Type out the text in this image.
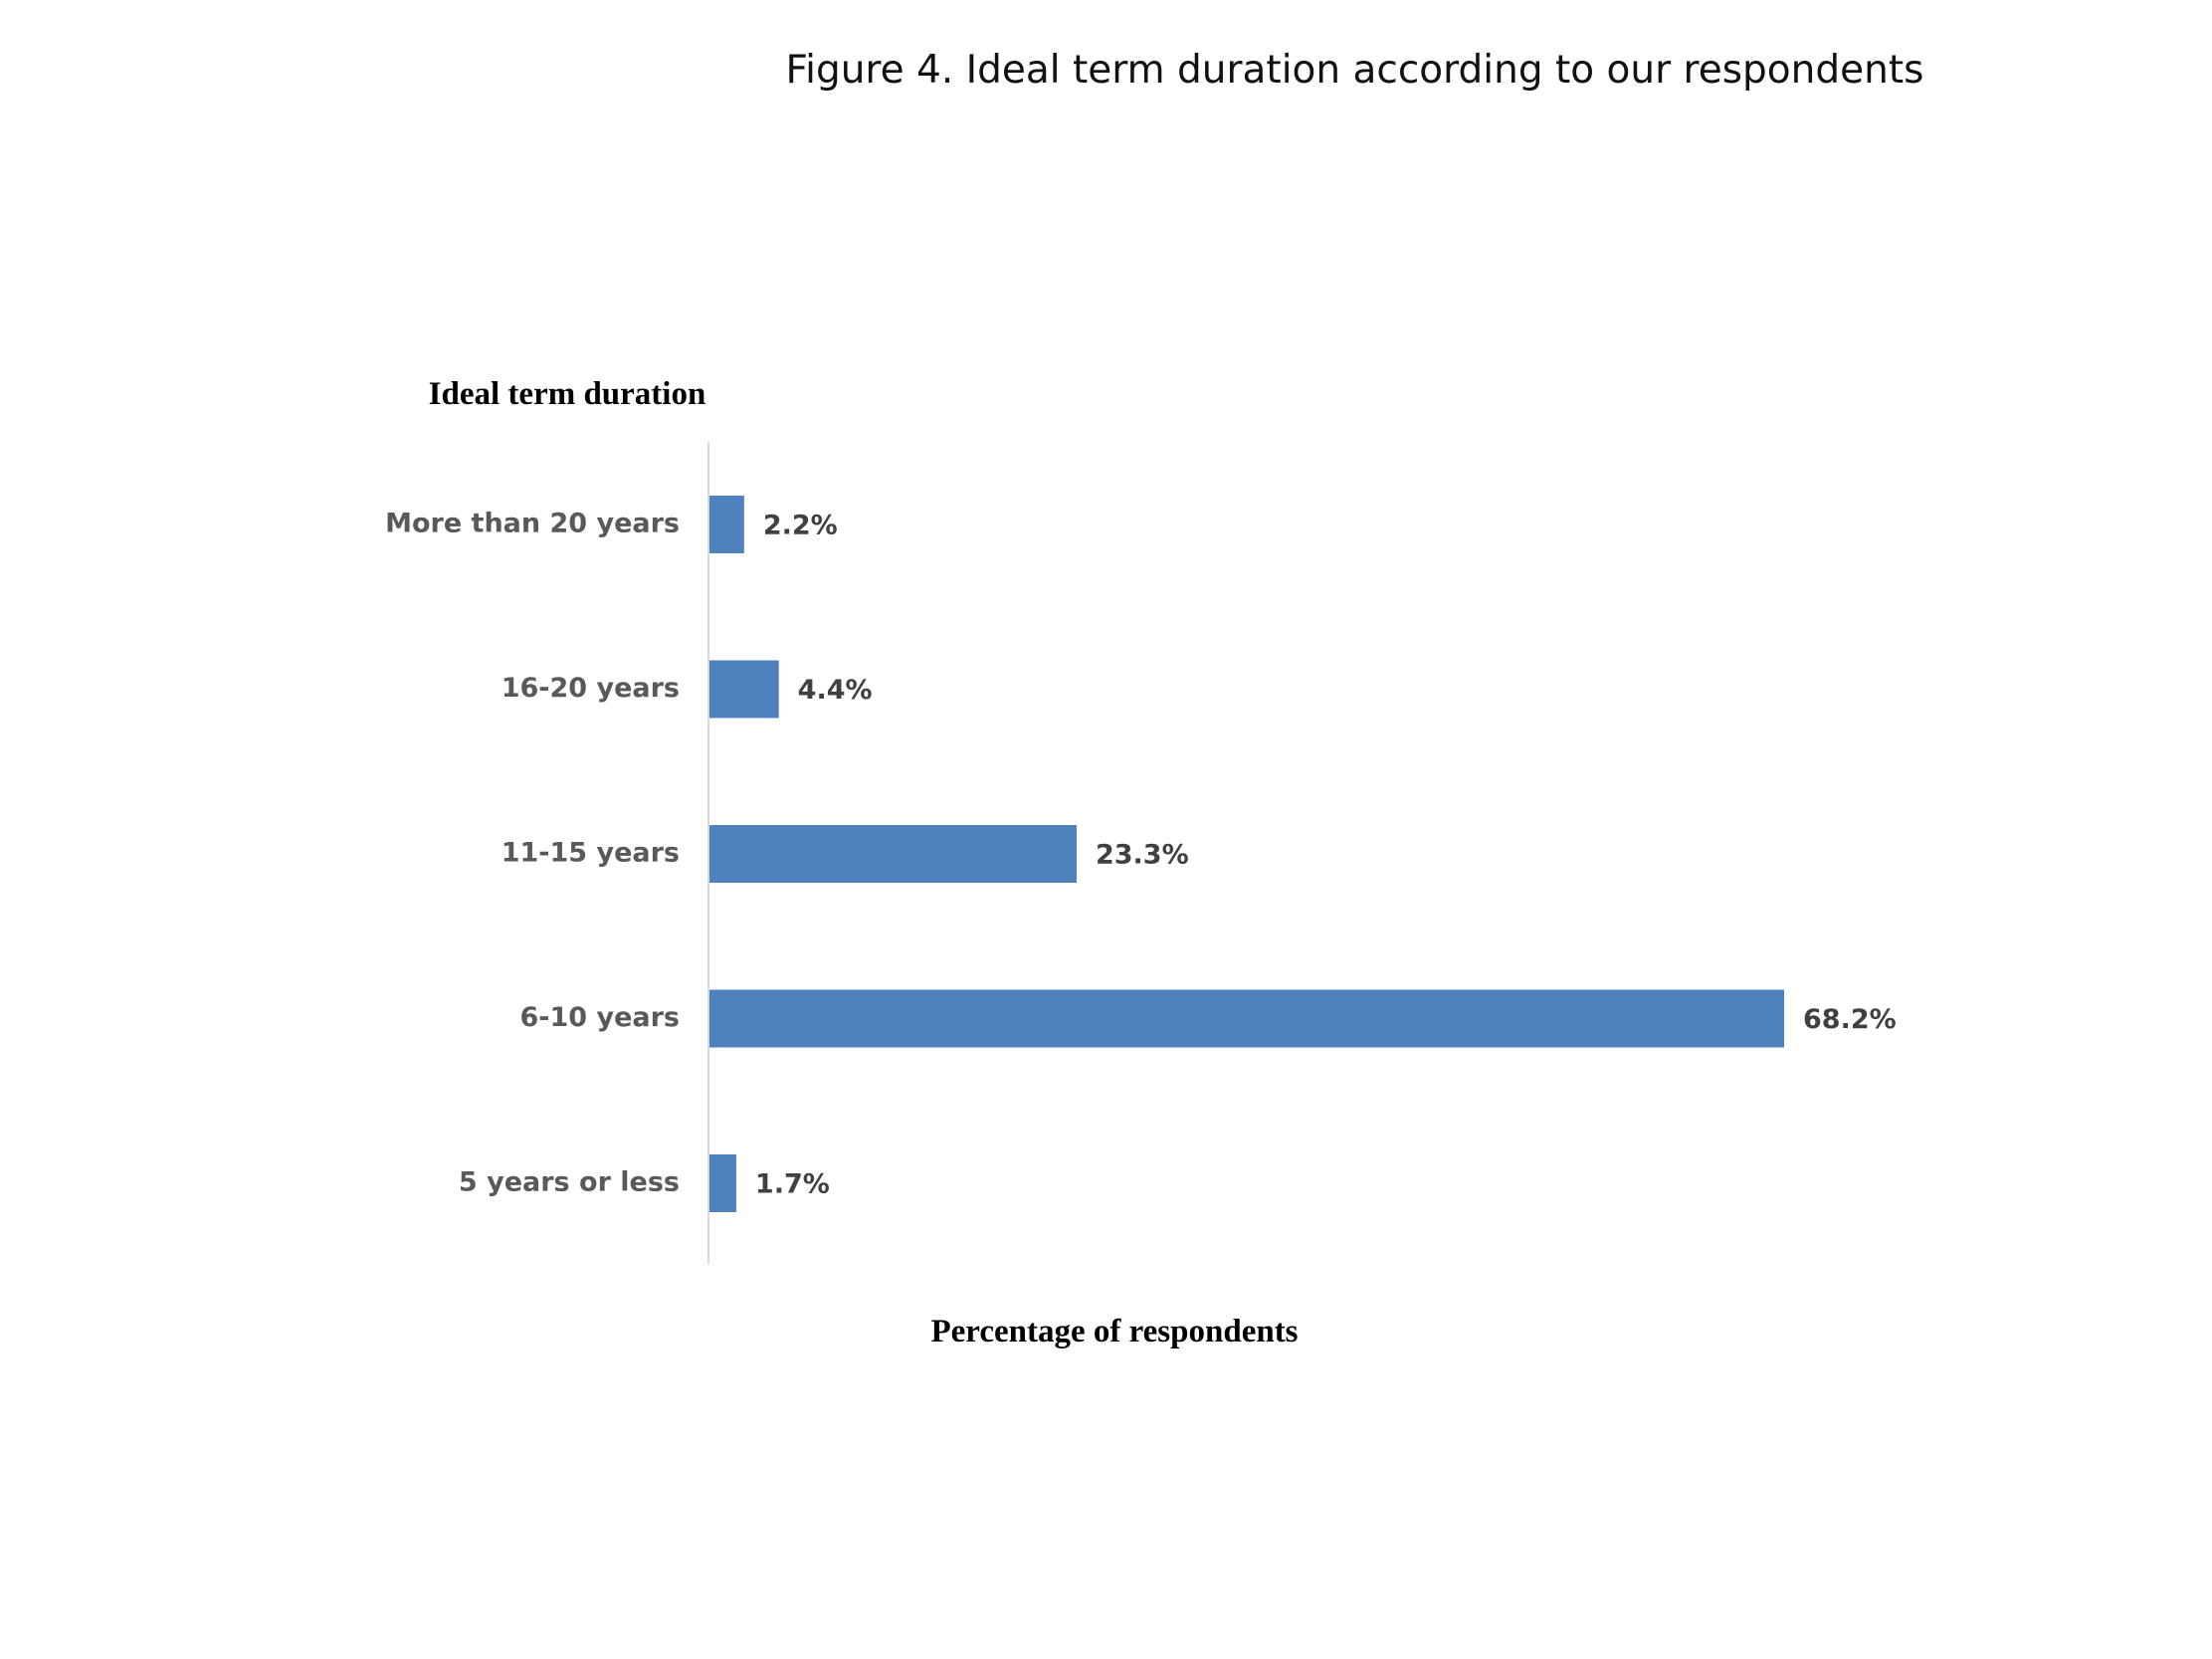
Figure 4. Ideal term duration according to our respondents
Ideal term duration
More than 20 years	2.2%
16-20 years	4.4%
11-15 years	23.3%
6-10 years	68.2%
5 years or less	1.7%
Percentage of respondents
